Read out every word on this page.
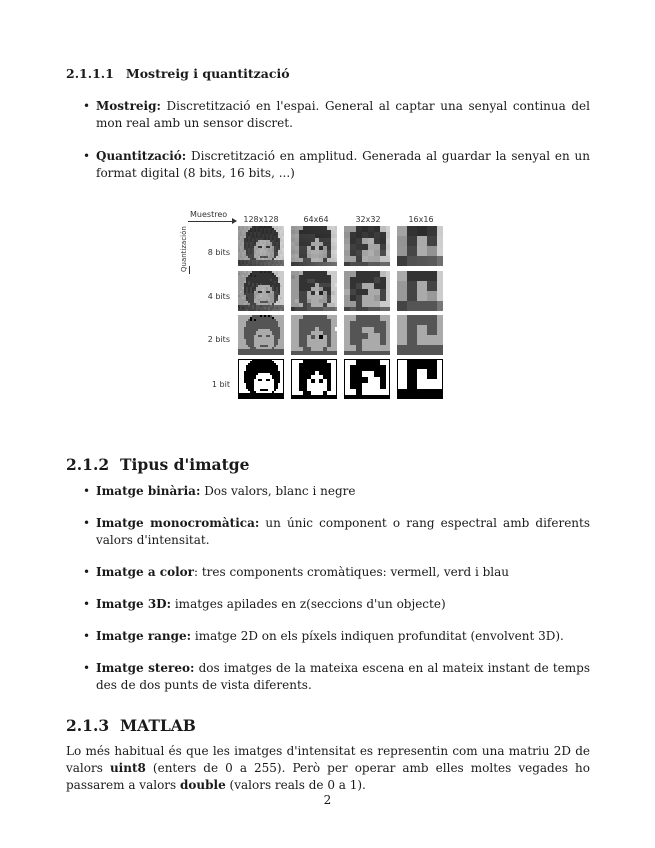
2.1.1.1 Mostreig i quantització
• Mostreig: Discretització en l'espai. General al captar una senyal continua del mon real amb un sensor discret.
• Quantització: Discretització en amplitud. Generada al guardar la senyal en un format digital (8 bits, 16 bits, ...)
Muestreo
Quantización
128x128	64x64	32x32	16x16
8 bits
4 bits
2 bits
1 bit
2.1.2 Tipus d'imatge
• Imatge binària: Dos valors, blanc i negre
• Imatge monocromàtica: un únic component o rang espectral amb diferents valors d'intensitat.
• Imatge a color: tres components cromàtiques: vermell, verd i blau
• Imatge 3D: imatges apilades en z(seccions d'un objecte)
• Imatge range: imatge 2D on els píxels indiquen profunditat (envolvent 3D).
• Imatge stereo: dos imatges de la mateixa escena en al mateix instant de temps des de dos punts de vista diferents.
2.1.3 MATLAB
Lo més habitual és que les imatges d'intensitat es representin com una matriu 2D de valors uint8 (enters de 0 a 255). Però per operar amb elles moltes vegades ho passarem a valors double (valors reals de 0 a 1).
2
